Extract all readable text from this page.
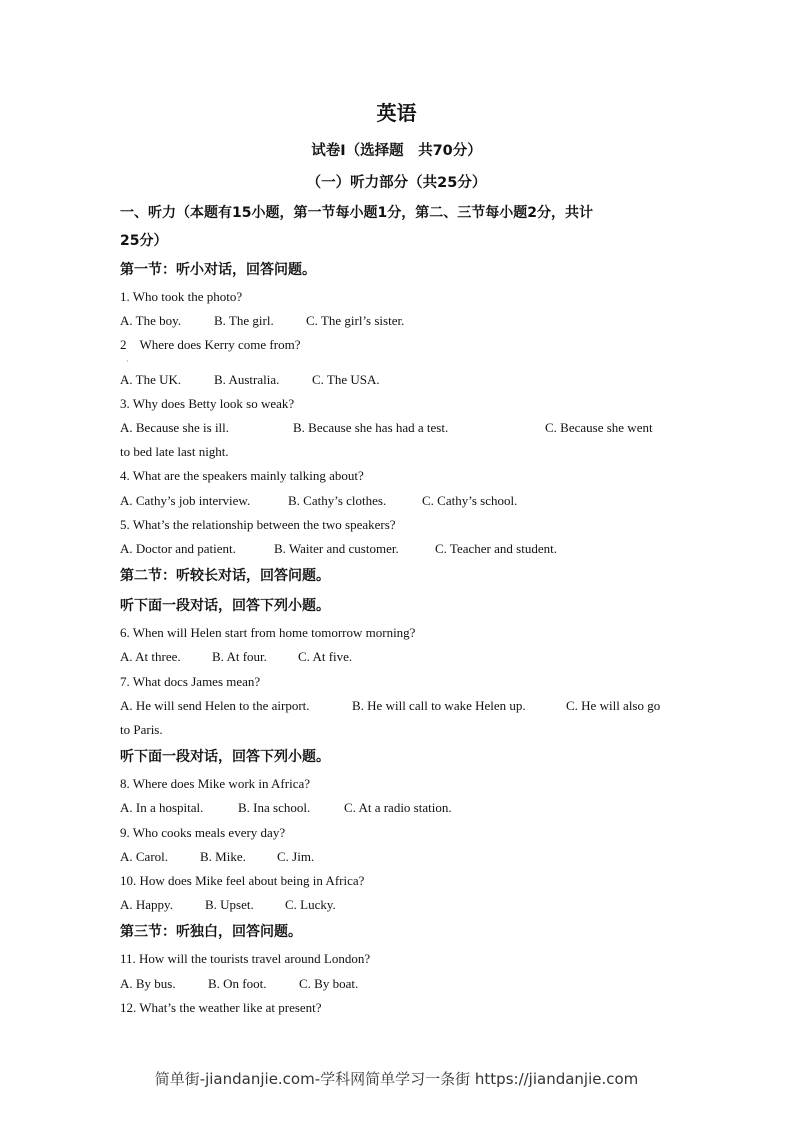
英语
试卷Ⅰ（选择题　共70分）
（一）听力部分（共25分）
一、听力（本题有15小题，第一节每小题1分，第二、三节每小题2分，共计
25分）
第一节：听小对话，回答问题。
1. Who took the photo?
A. The boy.	B. The girl. C. The girl’s sister.
2　Where does Kerry come from?
·
A. The UK.	B. Australia.	C. The USA.
3. Why does Betty look so weak?
A. Because she is ill.	B. Because she has had a test.	C. Because she went
to bed late last night.
4. What are the speakers mainly talking about?
A. Cathy’s job interview.	B. Cathy’s clothes.	C. Cathy’s school.
5. What’s the relationship between the two speakers?
A. Doctor and patient.	B. Waiter and customer.	C. Teacher and student.
第二节：听较长对话，回答问题。
听下面一段对话，回答下列小题。
6. When will Helen start from home tomorrow morning?
A. At three. B. At four. C. At five.
7. What docs James mean?
A. He will send Helen to the airport.	B. He will call to wake Helen up.	C. He will also go
to Paris.
听下面一段对话，回答下列小题。
8. Where does Mike work in Africa?
A. In a hospital.	B. Ina school.	C. At a radio station.
9. Who cooks meals every day?
A. Carol. B. Mike. C. Jim.
10. How does Mike feel about being in Africa?
A. Happy. B. Upset. C. Lucky.
第三节：听独白，回答问题。
11. How will the tourists travel around London?
A. By bus. B. On foot.	C. By boat.
12. What’s the weather like at present?
简单街-jiandanjie.com-学科网简单学习一条街 https://jiandanjie.com
